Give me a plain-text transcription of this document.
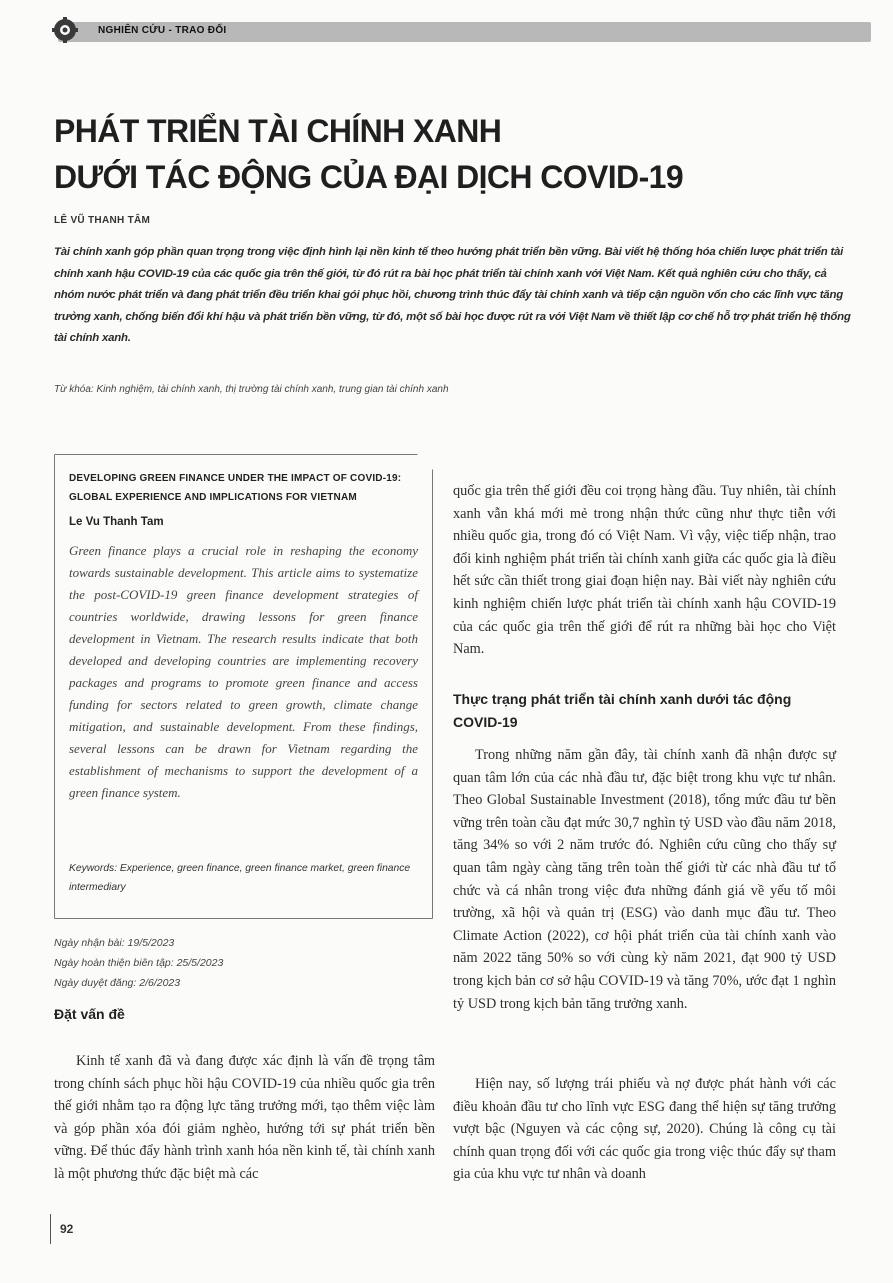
NGHIÊN CỨU - TRAO ĐỔI
PHÁT TRIỂN TÀI CHÍNH XANH
DƯỚI TÁC ĐỘNG CỦA ĐẠI DỊCH COVID-19
LÊ VŨ THANH TÂM

Tài chính xanh góp phần quan trọng trong việc định hình lại nền kinh tế theo hướng phát triển bền vững. Bài viết hệ thống hóa chiến lược phát triển tài chính xanh hậu COVID-19 của các quốc gia trên thế giới, từ đó rút ra bài học phát triển tài chính xanh với Việt Nam. Kết quả nghiên cứu cho thấy, cả nhóm nước phát triển và đang phát triển đều triển khai gói phục hồi, chương trình thúc đẩy tài chính xanh và tiếp cận nguồn vốn cho các lĩnh vực tăng trưởng xanh, chống biến đổi khí hậu và phát triển bền vững, từ đó, một số bài học được rút ra với Việt Nam về thiết lập cơ chế hỗ trợ phát triển hệ thống tài chính xanh.

Từ khóa: Kinh nghiệm, tài chính xanh, thị trường tài chính xanh, trung gian tài chính xanh

DEVELOPING GREEN FINANCE UNDER THE IMPACT OF COVID-19: GLOBAL EXPERIENCE AND IMPLICATIONS FOR VIETNAM

Le Vu Thanh Tam

Green finance plays a crucial role in reshaping the economy towards sustainable development. This article aims to systematize the post-COVID-19 green finance development strategies of countries worldwide, drawing lessons for green finance development in Vietnam. The research results indicate that both developed and developing countries are implementing recovery packages and programs to promote green finance and access funding for sectors related to green growth, climate change mitigation, and sustainable development. From these findings, several lessons can be drawn for Vietnam regarding the establishment of mechanisms to support the development of a green finance system.

Keywords: Experience, green finance, green finance market, green finance intermediary

Ngày nhận bài: 19/5/2023
Ngày hoàn thiện biên tập: 25/5/2023
Ngày duyệt đăng: 2/6/2023
Đặt vấn đề

Kinh tế xanh đã và đang được xác định là vấn đề trọng tâm trong chính sách phục hồi hậu COVID-19 của nhiều quốc gia trên thế giới nhằm tạo ra động lực tăng trưởng mới, tạo thêm việc làm và góp phần xóa đói giảm nghèo, hướng tới sự phát triển bền vững. Để thúc đẩy hành trình xanh hóa nền kinh tế, tài chính xanh là một phương thức đặc biệt mà các

quốc gia trên thế giới đều coi trọng hàng đầu. Tuy nhiên, tài chính xanh vẫn khá mới mẻ trong nhận thức cũng như thực tiễn với nhiều quốc gia, trong đó có Việt Nam. Vì vậy, việc tiếp nhận, trao đổi kinh nghiệm phát triển tài chính xanh giữa các quốc gia là điều hết sức cần thiết trong giai đoạn hiện nay. Bài viết này nghiên cứu kinh nghiệm chiến lược phát triển tài chính xanh hậu COVID-19 của các quốc gia trên thế giới để rút ra những bài học cho Việt Nam.

Thực trạng phát triển tài chính xanh dưới tác động COVID-19

Trong những năm gần đây, tài chính xanh đã nhận được sự quan tâm lớn của các nhà đầu tư, đặc biệt trong khu vực tư nhân. Theo Global Sustainable Investment (2018), tổng mức đầu tư bền vững trên toàn cầu đạt mức 30,7 nghìn tỷ USD vào đầu năm 2018, tăng 34% so với 2 năm trước đó. Nghiên cứu cũng cho thấy sự quan tâm ngày càng tăng trên toàn thế giới từ các nhà đầu tư tổ chức và cá nhân trong việc đưa những đánh giá về yếu tố môi trường, xã hội và quản trị (ESG) vào danh mục đầu tư. Theo Climate Action (2022), cơ hội phát triển của tài chính xanh vào năm 2022 tăng 50% so với cùng kỳ năm 2021, đạt 900 tỷ USD trong kịch bản cơ sở hậu COVID-19 và tăng 70%, ước đạt 1 nghìn tỷ USD trong kịch bản tăng trưởng xanh.

Hiện nay, số lượng trái phiếu và nợ được phát hành với các điều khoản đầu tư cho lĩnh vực ESG đang thể hiện sự tăng trưởng vượt bậc (Nguyen và các cộng sự, 2020). Chúng là công cụ tài chính quan trọng đối với các quốc gia trong việc thúc đẩy sự tham gia của khu vực tư nhân và doanh

92
